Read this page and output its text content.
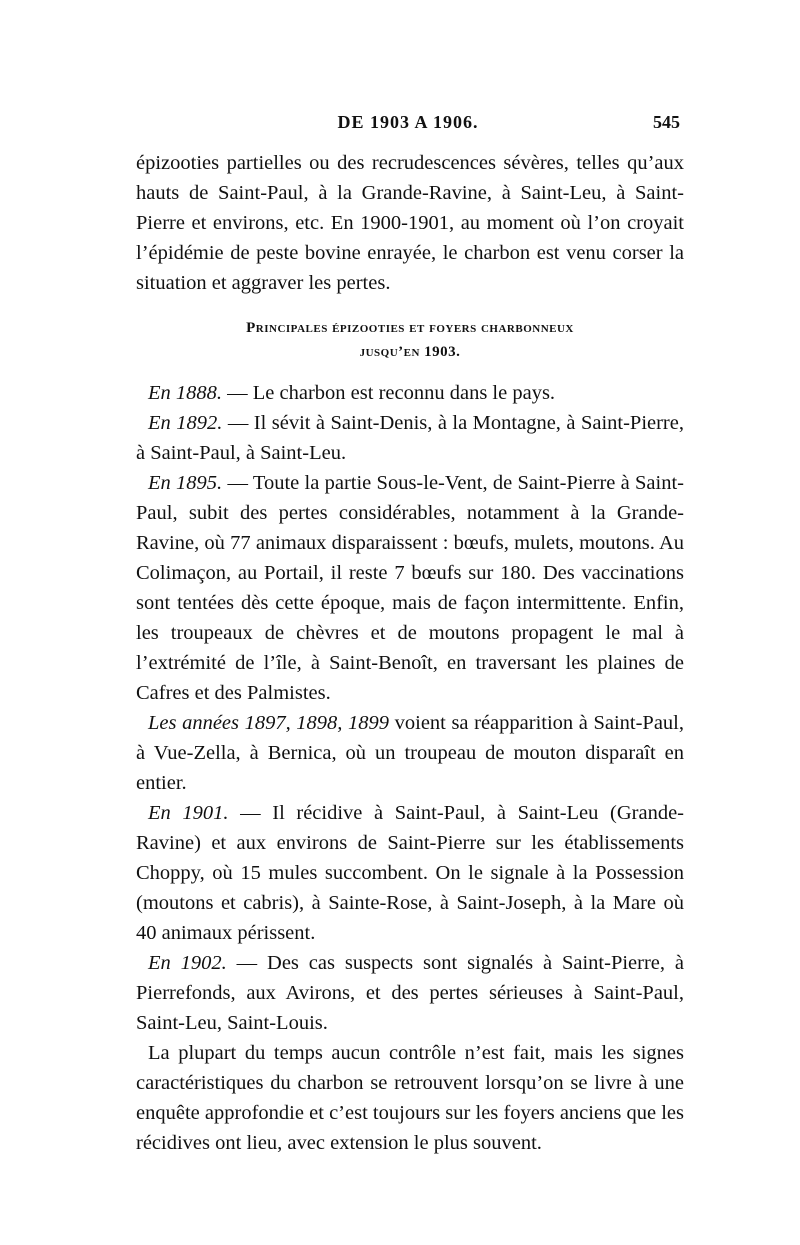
DE 1903 A 1906.	545

épizooties partielles ou des recrudescences sévères, telles qu’aux hauts de Saint-Paul, à la Grande-Ravine, à Saint-Leu, à Saint-Pierre et environs, etc. En 1900-1901, au moment où l’on croyait l’épidémie de peste bovine enrayée, le charbon est venu corser la situation et aggraver les pertes.

Principales épizooties et foyers charbonneux
jusqu’en 1903.

En 1888. — Le charbon est reconnu dans le pays.

En 1892. — Il sévit à Saint-Denis, à la Montagne, à Saint-Pierre, à Saint-Paul, à Saint-Leu.

En 1895. — Toute la partie Sous-le-Vent, de Saint-Pierre à Saint-Paul, subit des pertes considérables, notamment à la Grande-Ravine, où 77 animaux disparaissent : bœufs, mulets, moutons. Au Colimaçon, au Portail, il reste 7 bœufs sur 180. Des vaccinations sont tentées dès cette époque, mais de façon intermittente. Enfin, les troupeaux de chèvres et de moutons propagent le mal à l’extrémité de l’île, à Saint-Benoît, en traversant les plaines de Cafres et des Palmistes.

Les années 1897, 1898, 1899 voient sa réapparition à Saint-Paul, à Vue-Zella, à Bernica, où un troupeau de mouton disparaît en entier.

En 1901. — Il récidive à Saint-Paul, à Saint-Leu (Grande-Ravine) et aux environs de Saint-Pierre sur les établissements Choppy, où 15 mules succombent. On le signale à la Possession (moutons et cabris), à Sainte-Rose, à Saint-Joseph, à la Mare où 40 animaux périssent.

En 1902. — Des cas suspects sont signalés à Saint-Pierre, à Pierrefonds, aux Avirons, et des pertes sérieuses à Saint-Paul, Saint-Leu, Saint-Louis.

La plupart du temps aucun contrôle n’est fait, mais les signes caractéristiques du charbon se retrouvent lorsqu’on se livre à une enquête approfondie et c’est toujours sur les foyers anciens que les récidives ont lieu, avec extension le plus souvent.
